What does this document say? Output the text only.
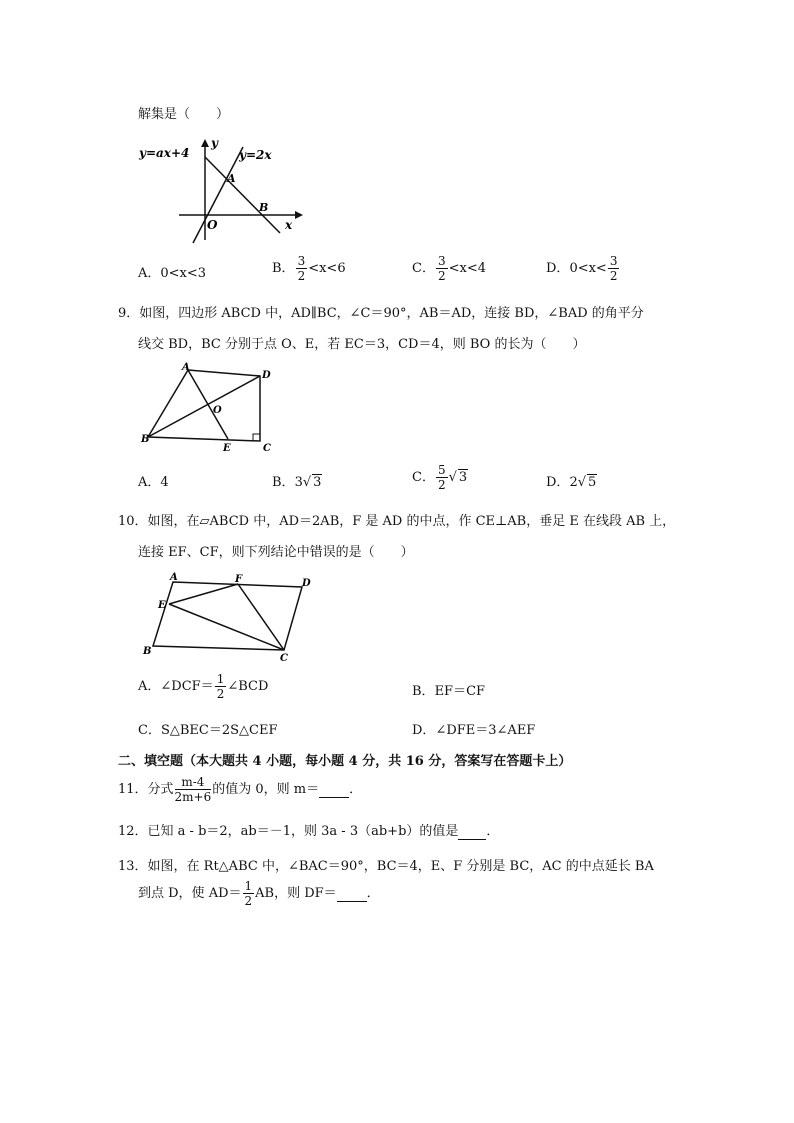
解集是（　　）
y=ax+4	y=2x
y
x
O
A
B
A．0<x<3	B． $\frac{3}{2} <x<6$	C． $\frac{3}{2} <x<4$	D．$0<x< \frac{3}{2}$
9．如图，四边形 ABCD 中，AD∥BC，∠C＝90°，AB＝AD，连接 BD，∠BAD 的角平分
线交 BD，BC 分别于点 O、E，若 EC＝3，CD＝4，则 BO 的长为（　　）
A
B
C
D
E
O
A．4	B．3√ 3	C． $\frac{5}{2}$ √ 3	D．2√ 5
10．如图，在▱ABCD 中，AD＝2AB，F 是 AD 的中点，作 CE⊥AB，垂足 E 在线段 AB 上，
连接 EF、CF，则下列结论中错误的是（　　）
A
B
C
D
E
F
A．∠DCF＝ $\frac{1}{2}$ ∠BCD	B．EF＝CF
C．S△BEC＝2S△CEF	D．∠DFE＝3∠AEF
二、填空题（本大题共 4 小题，每小题 4 分，共 16 分，答案写在答题卡上）
11．分式 $\frac{m-4}{2m+6}$ 的值为 0，则 m＝ ．
12．已知 a - b＝2，ab＝－1，则 3a - 3（ab+b）的值是 ．
13．如图，在 Rt△ABC 中，∠BAC＝90°，BC＝4，E、F 分别是 BC，AC 的中点延长 BA
到点 D，使 $AD= \frac{1}{2}$ AB，则 DF＝ ．
